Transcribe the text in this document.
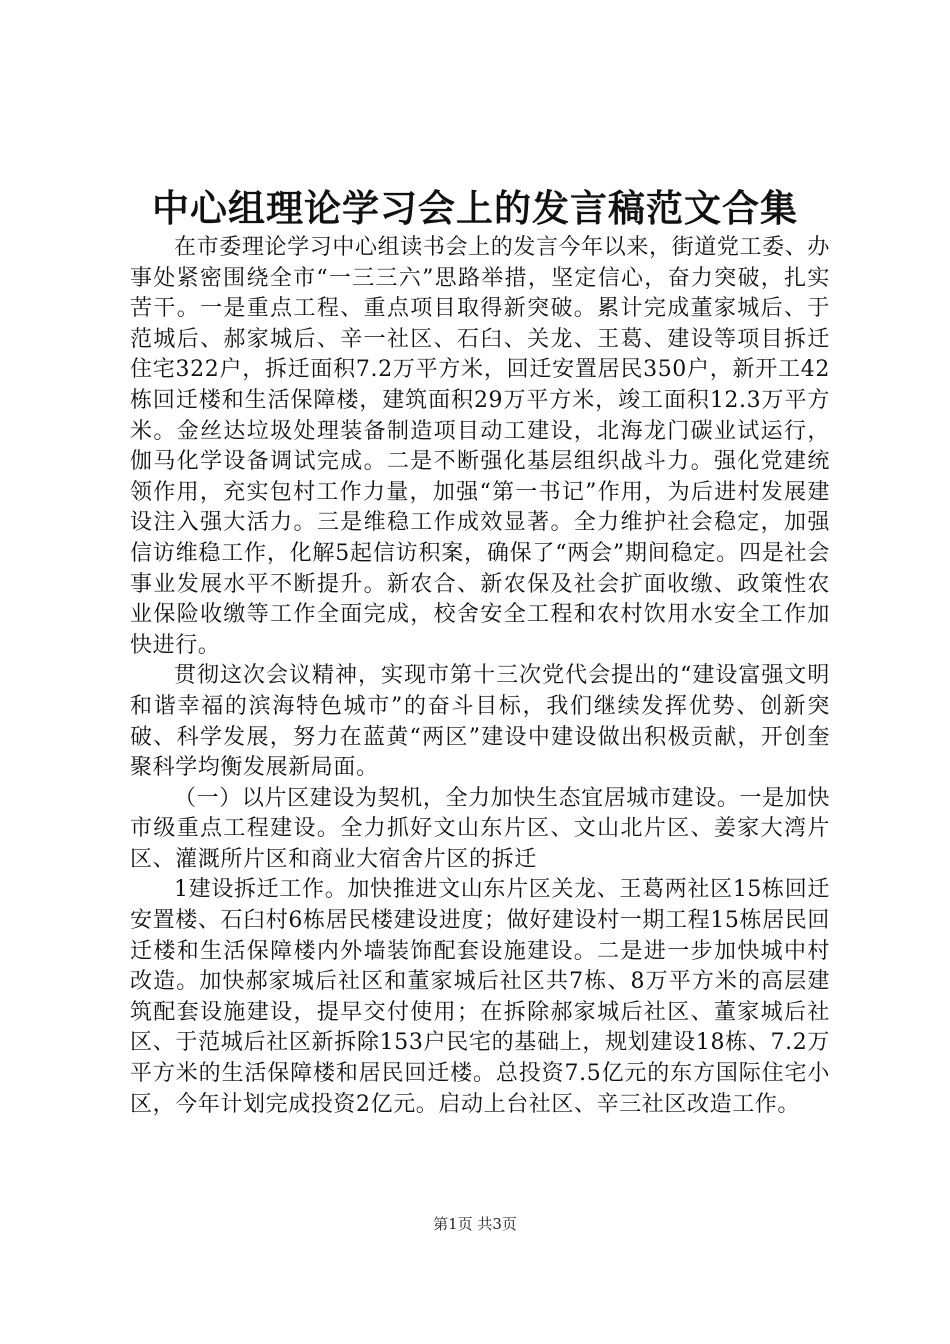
中心组理论学习会上的发言稿范文合集

在市委理论学习中心组读书会上的发言今年以来，街道党工委、办事处紧密围绕全市“一三三六”思路举措，坚定信心，奋力突破，扎实苦干。一是重点工程、重点项目取得新突破。累计完成董家城后、于范城后、郝家城后、辛一社区、石臼、关龙、王葛、建设等项目拆迁住宅322户，拆迁面积7.2万平方米，回迁安置居民350户，新开工42栋回迁楼和生活保障楼，建筑面积29万平方米，竣工面积12.3万平方米。金丝达垃圾处理装备制造项目动工建设，北海龙门碳业试运行，伽马化学设备调试完成。二是不断强化基层组织战斗力。强化党建统领作用，充实包村工作力量，加强“第一书记”作用，为后进村发展建设注入强大活力。三是维稳工作成效显著。全力维护社会稳定，加强信访维稳工作，化解5起信访积案，确保了“两会”期间稳定。四是社会事业发展水平不断提升。新农合、新农保及社会扩面收缴、政策性农业保险收缴等工作全面完成，校舍安全工程和农村饮用水安全工作加快进行。

贯彻这次会议精神，实现市第十三次党代会提出的“建设富强文明和谐幸福的滨海特色城市”的奋斗目标，我们继续发挥优势、创新突破、科学发展，努力在蓝黄“两区”建设中建设做出积极贡献，开创奎聚科学均衡发展新局面。

（一）以片区建设为契机，全力加快生态宜居城市建设。一是加快市级重点工程建设。全力抓好文山东片区、文山北片区、姜家大湾片区、灌溉所片区和商业大宿舍片区的拆迁

1建设拆迁工作。加快推进文山东片区关龙、王葛两社区15栋回迁安置楼、石臼村6栋居民楼建设进度；做好建设村一期工程15栋居民回迁楼和生活保障楼内外墙装饰配套设施建设。二是进一步加快城中村改造。加快郝家城后社区和董家城后社区共7栋、8万平方米的高层建筑配套设施建设，提早交付使用；在拆除郝家城后社区、董家城后社区、于范城后社区新拆除153户民宅的基础上，规划建设18栋、7.2万平方米的生活保障楼和居民回迁楼。总投资7.5亿元的东方国际住宅小区，今年计划完成投资2亿元。启动上台社区、辛三社区改造工作。

第1页 共3页
